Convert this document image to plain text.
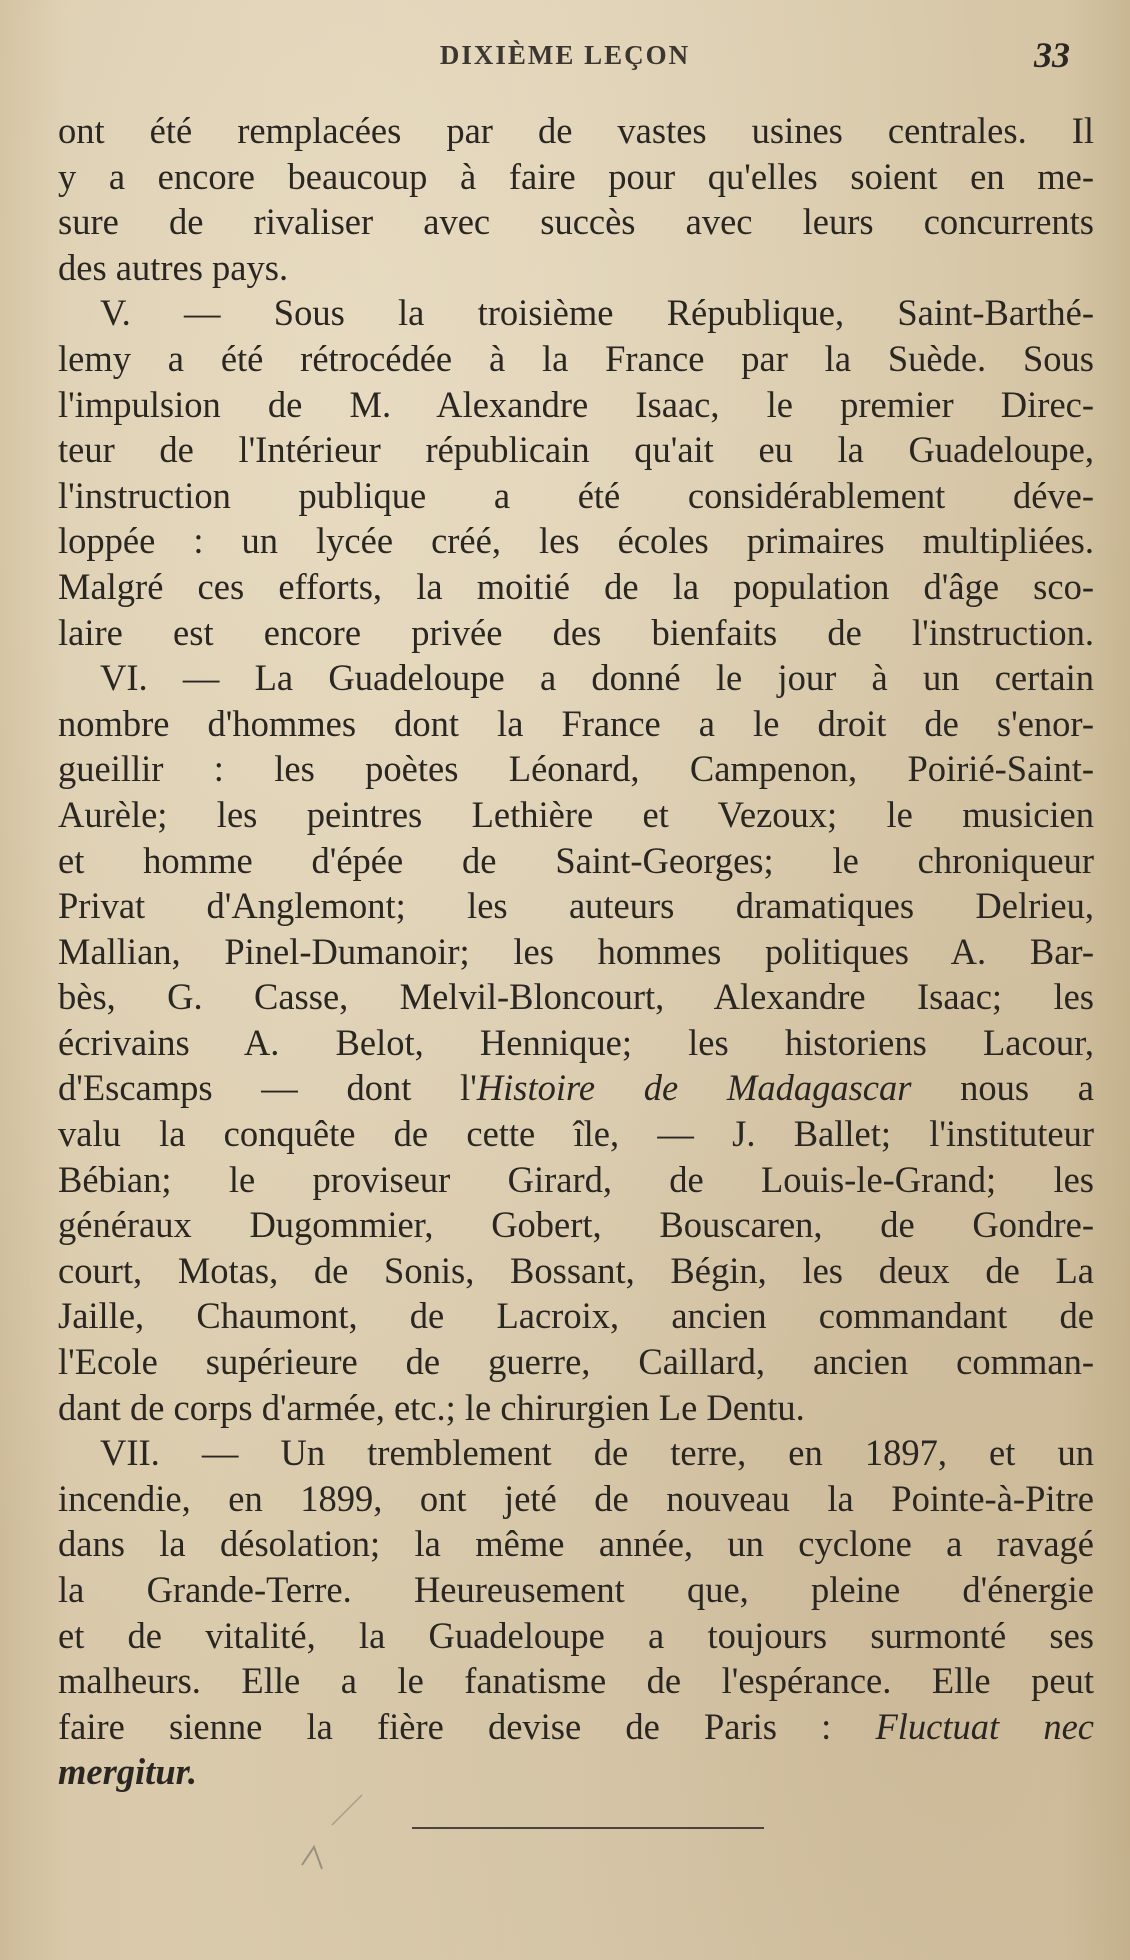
DIXIÈME LEÇON	33
ont été remplacées par de vastes usines centrales. Il
y a encore beaucoup à faire pour qu'elles soient en me-
sure de rivaliser avec succès avec leurs concurrents
des autres pays.
V. — Sous la troisième République, Saint-Barthé-
lemy a été rétrocédée à la France par la Suède. Sous
l'impulsion de M. Alexandre Isaac, le premier Direc-
teur de l'Intérieur républicain qu'ait eu la Guadeloupe,
l'instruction publique a été considérablement déve-
loppée : un lycée créé, les écoles primaires multipliées.
Malgré ces efforts, la moitié de la population d'âge sco-
laire est encore privée des bienfaits de l'instruction.
VI. — La Guadeloupe a donné le jour à un certain
nombre d'hommes dont la France a le droit de s'enor-
gueillir : les poètes Léonard, Campenon, Poirié-Saint-
Aurèle; les peintres Lethière et Vezoux; le musicien
et homme d'épée de Saint-Georges; le chroniqueur
Privat d'Anglemont; les auteurs dramatiques Delrieu,
Mallian, Pinel-Dumanoir; les hommes politiques A. Bar-
bès, G. Casse, Melvil-Bloncourt, Alexandre Isaac; les
écrivains A. Belot, Hennique; les historiens Lacour,
d'Escamps — dont l'Histoire de Madagascar nous a
valu la conquête de cette île, — J. Ballet; l'instituteur
Bébian; le proviseur Girard, de Louis-le-Grand; les
généraux Dugommier, Gobert, Bouscaren, de Gondre-
court, Motas, de Sonis, Bossant, Bégin, les deux de La
Jaille, Chaumont, de Lacroix, ancien commandant de
l'Ecole supérieure de guerre, Caillard, ancien comman-
dant de corps d'armée, etc.; le chirurgien Le Dentu.
VII. — Un tremblement de terre, en 1897, et un
incendie, en 1899, ont jeté de nouveau la Pointe-à-Pitre
dans la désolation; la même année, un cyclone a ravagé
la Grande-Terre. Heureusement que, pleine d'énergie
et de vitalité, la Guadeloupe a toujours surmonté ses
malheurs. Elle a le fanatisme de l'espérance. Elle peut
faire sienne la fière devise de Paris : Fluctuat nec
mergitur.
